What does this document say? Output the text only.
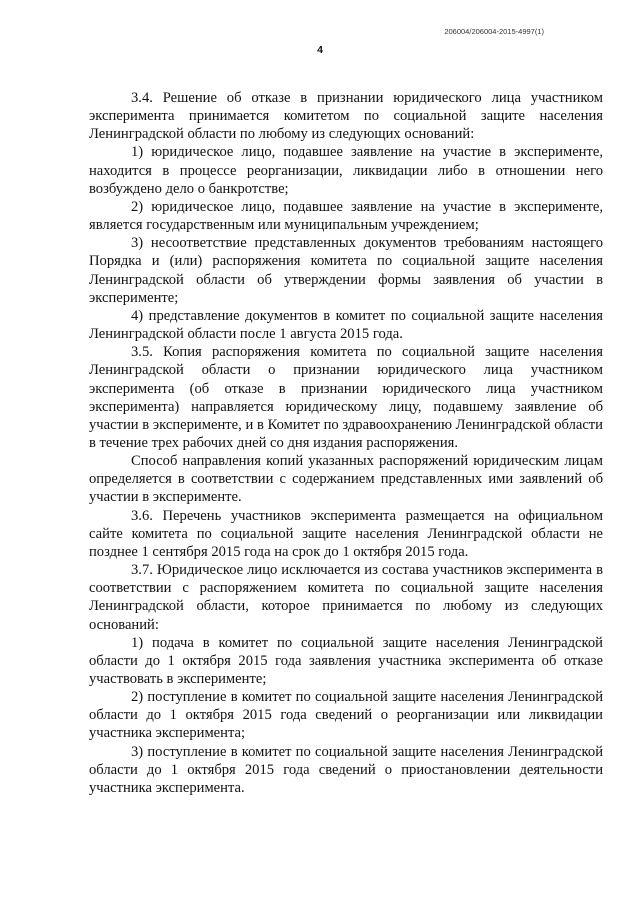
206004/206004-2015-4997(1)
4

3.4. Решение об отказе в признании юридического лица участником эксперимента принимается комитетом по социальной защите населения Ленинградской области по любому из следующих оснований:

1) юридическое лицо, подавшее заявление на участие в эксперименте, находится в процессе реорганизации, ликвидации либо в отношении него возбуждено дело о банкротстве;

2) юридическое лицо, подавшее заявление на участие в эксперименте, является государственным или муниципальным учреждением;

3) несоответствие представленных документов требованиям настоящего Порядка и (или) распоряжения комитета по социальной защите населения Ленинградской области об утверждении формы заявления об участии в эксперименте;

4) представление документов в комитет по социальной защите населения Ленинградской области после 1 августа 2015 года.

3.5. Копия распоряжения комитета по социальной защите населения Ленинградской области о признании юридического лица участником эксперимента (об отказе в признании юридического лица участником эксперимента) направляется юридическому лицу, подавшему заявление об участии в эксперименте, и в Комитет по здравоохранению Ленинградской области в течение трех рабочих дней со дня издания распоряжения.

Способ направления копий указанных распоряжений юридическим лицам определяется в соответствии с содержанием представленных ими заявлений об участии в эксперименте.

3.6. Перечень участников эксперимента размещается на официальном сайте комитета по социальной защите населения Ленинградской области не позднее 1 сентября 2015 года на срок до 1 октября 2015 года.

3.7. Юридическое лицо исключается из состава участников эксперимента в соответствии с распоряжением комитета по социальной защите населения Ленинградской области, которое принимается по любому из следующих оснований:

1) подача в комитет по социальной защите населения Ленинградской области до 1 октября 2015 года заявления участника эксперимента об отказе участвовать в эксперименте;

2) поступление в комитет по социальной защите населения Ленинградской области до 1 октября 2015 года сведений о реорганизации или ликвидации участника эксперимента;

3) поступление в комитет по социальной защите населения Ленинградской области до 1 октября 2015 года сведений о приостановлении деятельности участника эксперимента.
